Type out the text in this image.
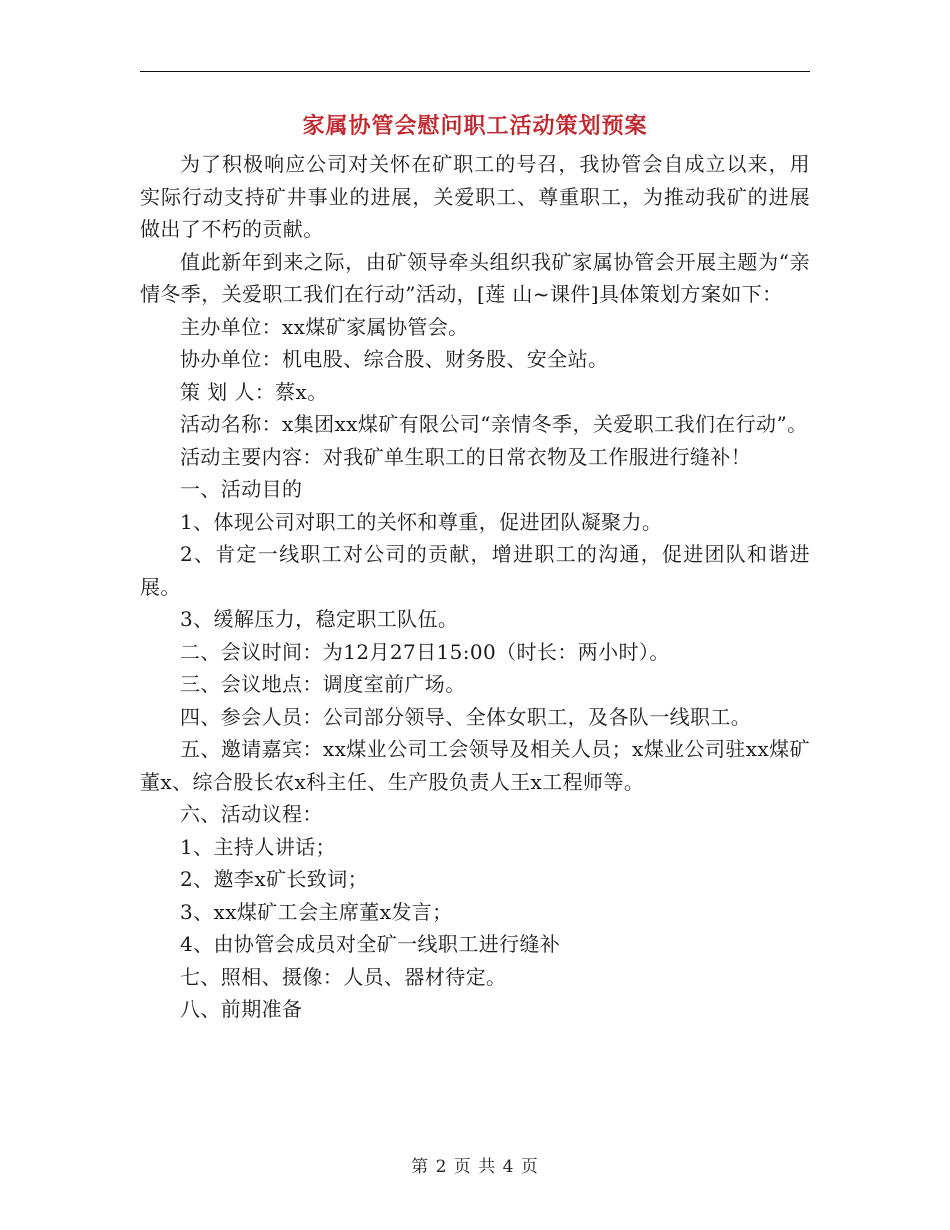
家属协管会慰问职工活动策划预案

为了积极响应公司对关怀在矿职工的号召，我协管会自成立以来，用实际行动支持矿井事业的进展，关爱职工、尊重职工，为推动我矿的进展做出了不朽的贡献。

值此新年到来之际，由矿领导牵头组织我矿家属协管会开展主题为“亲情冬季，关爱职工我们在行动”活动，[莲 山~课件]具体策划方案如下：

主办单位：xx煤矿家属协管会。

协办单位：机电股、综合股、财务股、安全站。

策 划 人：蔡x。

活动名称：x集团xx煤矿有限公司“亲情冬季，关爱职工我们在行动”。

活动主要内容：对我矿单生职工的日常衣物及工作服进行缝补！

一、活动目的

1、体现公司对职工的关怀和尊重，促进团队凝聚力。

2、肯定一线职工对公司的贡献，增进职工的沟通，促进团队和谐进展。

3、缓解压力，稳定职工队伍。

二、会议时间：为12月27日15:00（时长：两小时）。

三、会议地点：调度室前广场。

四、参会人员：公司部分领导、全体女职工，及各队一线职工。

五、邀请嘉宾：xx煤业公司工会领导及相关人员；x煤业公司驻xx煤矿董x、综合股长农x科主任、生产股负责人王x工程师等。

六、活动议程：

1、主持人讲话；

2、邀李x矿长致词；

3、xx煤矿工会主席董x发言；

4、由协管会成员对全矿一线职工进行缝补

七、照相、摄像：人员、器材待定。

八、前期准备

第 2 页 共 4 页
